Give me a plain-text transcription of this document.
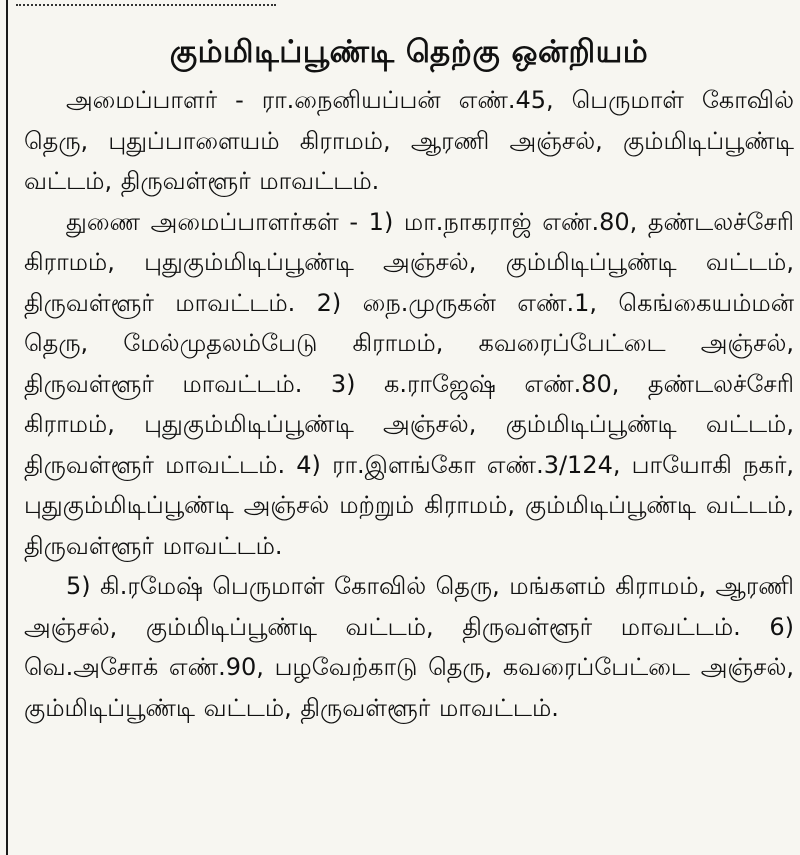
கும்மிடிப்பூண்டி தெற்கு ஒன்றியம்

அமைப்பாளர் - ரா.நைனியப்பன் எண்.45, பெருமாள் கோவில் தெரு, புதுப்பாளையம் கிராமம், ஆரணி அஞ்சல், கும்மிடிப்பூண்டி வட்டம், திருவள்ளூர் மாவட்டம்.

துணை அமைப்பாளர்கள் - 1) மா.நாகராஜ் எண்.80, தண்டலச்சேரி கிராமம், புதுகும்மிடிப்பூண்டி அஞ்சல், கும்மிடிப்பூண்டி வட்டம், திருவள்ளூர் மாவட்டம். 2) நை.முருகன் எண்.1, கெங்கையம்மன் தெரு, மேல்முதலம்பேடு கிராமம், கவரைப்பேட்டை அஞ்சல், திருவள்ளூர் மாவட்டம். 3) க.ராஜேஷ் எண்.80, தண்டலச்சேரி கிராமம், புதுகும்மிடிப்பூண்டி அஞ்சல், கும்மிடிப்பூண்டி வட்டம், திருவள்ளூர் மாவட்டம். 4) ரா.இளங்கோ எண்.3/124, பாயோகி நகர், புதுகும்மிடிப்பூண்டி அஞ்சல் மற்றும் கிராமம், கும்மிடிப்பூண்டி வட்டம், திருவள்ளூர் மாவட்டம்.

5) கி.ரமேஷ் பெருமாள் கோவில் தெரு, மங்களம் கிராமம், ஆரணி அஞ்சல், கும்மிடிப்பூண்டி வட்டம், திருவள்ளூர் மாவட்டம். 6) வெ.அசோக் எண்.90, பழவேற்காடு தெரு, கவரைப்பேட்டை அஞ்சல், கும்மிடிப்பூண்டி வட்டம், திருவள்ளூர் மாவட்டம்.
